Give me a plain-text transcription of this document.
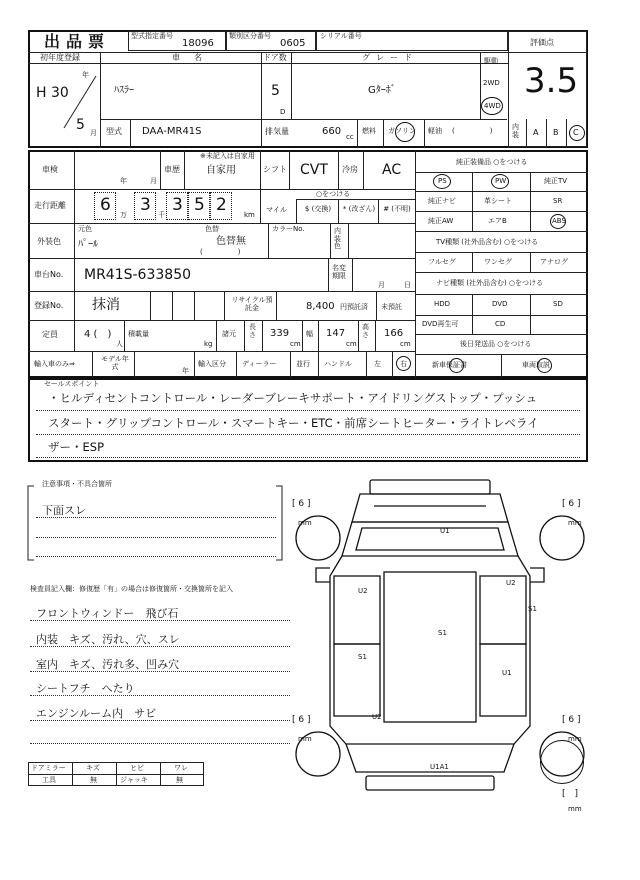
出品票	型式指定番号
18096
類別区分番号
0605
シリアル番号
評価点
3.5
初年度登録
年
H 30
5 月
車名
ﾊｽﾗｰ
ドア数
5
D
グレード
Gﾀｰﾎﾞ
駆動
2WD
4WD
型式 DAA-MR41S	排気量	660 cc
燃料 ガソリン 軽油 (　　　　　)	内装	A B C
車検
年	月
車歴
※未記入は自家用
自家用	シフト CVT 冷房 AC
走行距離 6 万 3 千 3 5 2 km
マイル
○をつける
$ (交換)	* (改ざん)	# (不明)
外装色
元色
ﾊﾟｰﾙ
色替
色替無
(　　　　　)
カラーNo.	内装色
車台No. MR41S-633850	名変期限
月	日
登録No. 抹消	リサイクル預託金	8,400 円預託済 未預託
定員	4 (　)
人
積載量
kg
諸元
長さ 339
cm
幅 147
cm
高さ 166
cm
輸入車のみ⇒
モデル年式	年
輸入区分 ディーラー	並行 ハンドル	左	右
純正装備品 ○をつける
PS	PW	純正TV
純正ナビ	革シート	SR
純正AW	エアB	ABS
TV種類 (社外品含む) ○をつける
フルセグ	ワンセグ	アナログ
ナビ種類 (社外品含む) ○をつける
HDD	DVD	SD
DVD再生可	CD
後日発送品 ○をつける
新車保証書	車両取説
セールスポイント
・ヒルディセントコントロール・レーダーブレーキサポート・アイドリングストップ・プッシュ
スタート・グリップコントロール・スマートキー・ETC・前席シートヒーター・ライトレベライ
ザー・ESP
注意事項・不具合箇所
下面スレ
検査員記入欄：修復歴「有」の場合は修復箇所・交換箇所を記入
フロントウィンドー　飛び石
内装　キズ、汚れ、穴、スレ
室内　キズ、汚れ多、凹み穴
シートフチ　へたり
エンジンルーム内　サビ
ドアミラー	キズ	ヒビ	ワレ
工具	無	ジャッキ	無
[ 6 ]
mm
[ 6 ]
mm
[ 6 ]
mm
[ 6 ]
mm
[　]
mm
U1
U2
S1
U2
S1
S1
U1
U2
U1A1
